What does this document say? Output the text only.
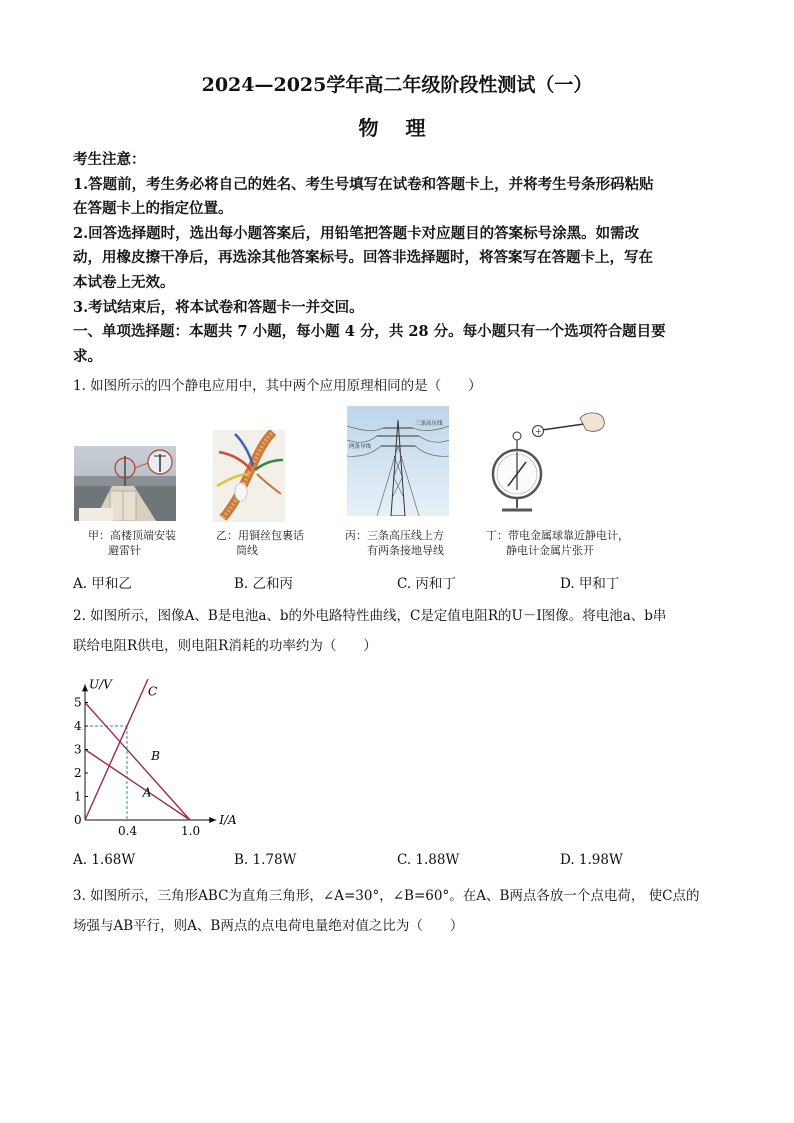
2024—2025学年高二年级阶段性测试（一）
物 理
考生注意：
1.答题前，考生务必将自己的姓名、考生号填写在试卷和答题卡上，并将考生号条形码粘贴
在答题卡上的指定位置。
2.回答选择题时，选出每小题答案后，用铅笔把答题卡对应题目的答案标号涂黑。如需改
动，用橡皮擦干净后，再选涂其他答案标号。回答非选择题时，将答案写在答题卡上，写在
本试卷上无效。
3.考试结束后，将本试卷和答题卡一并交回。
一、单项选择题：本题共 7 小题，每小题 4 分，共 28 分。每小题只有一个选项符合题目要
求。
1. 如图所示的四个静电应用中，其中两个应用原理相同的是（　　）
两条导线
三条高压线
+
甲：高楼顶端安装
避雷针
乙：用铜丝包裹话
筒线
丙：三条高压线上方
有两条接地导线
丁：带电金属球靠近静电计，
静电计金属片张开
A. 甲和乙	B. 乙和丙	C. 丙和丁	D. 甲和丁
2. 如图所示，图像A、B是电池a、b的外电路特性曲线，C是定值电阻R的U－I图像。将电池a、b串
联给电阻R供电，则电阻R消耗的功率约为（　　）
I/A
U/V
A
B
C
0
1
2
3
4
5
0.4	1.0
A. 1.68W	B. 1.78W	C. 1.88W	D. 1.98W
3. 如图所示，三角形ABC为直角三角形，∠A=30°，∠B=60°。在A、B两点各放一个点电荷， 使C点的
场强与AB平行，则A、B两点的点电荷电量绝对值之比为（　　）
